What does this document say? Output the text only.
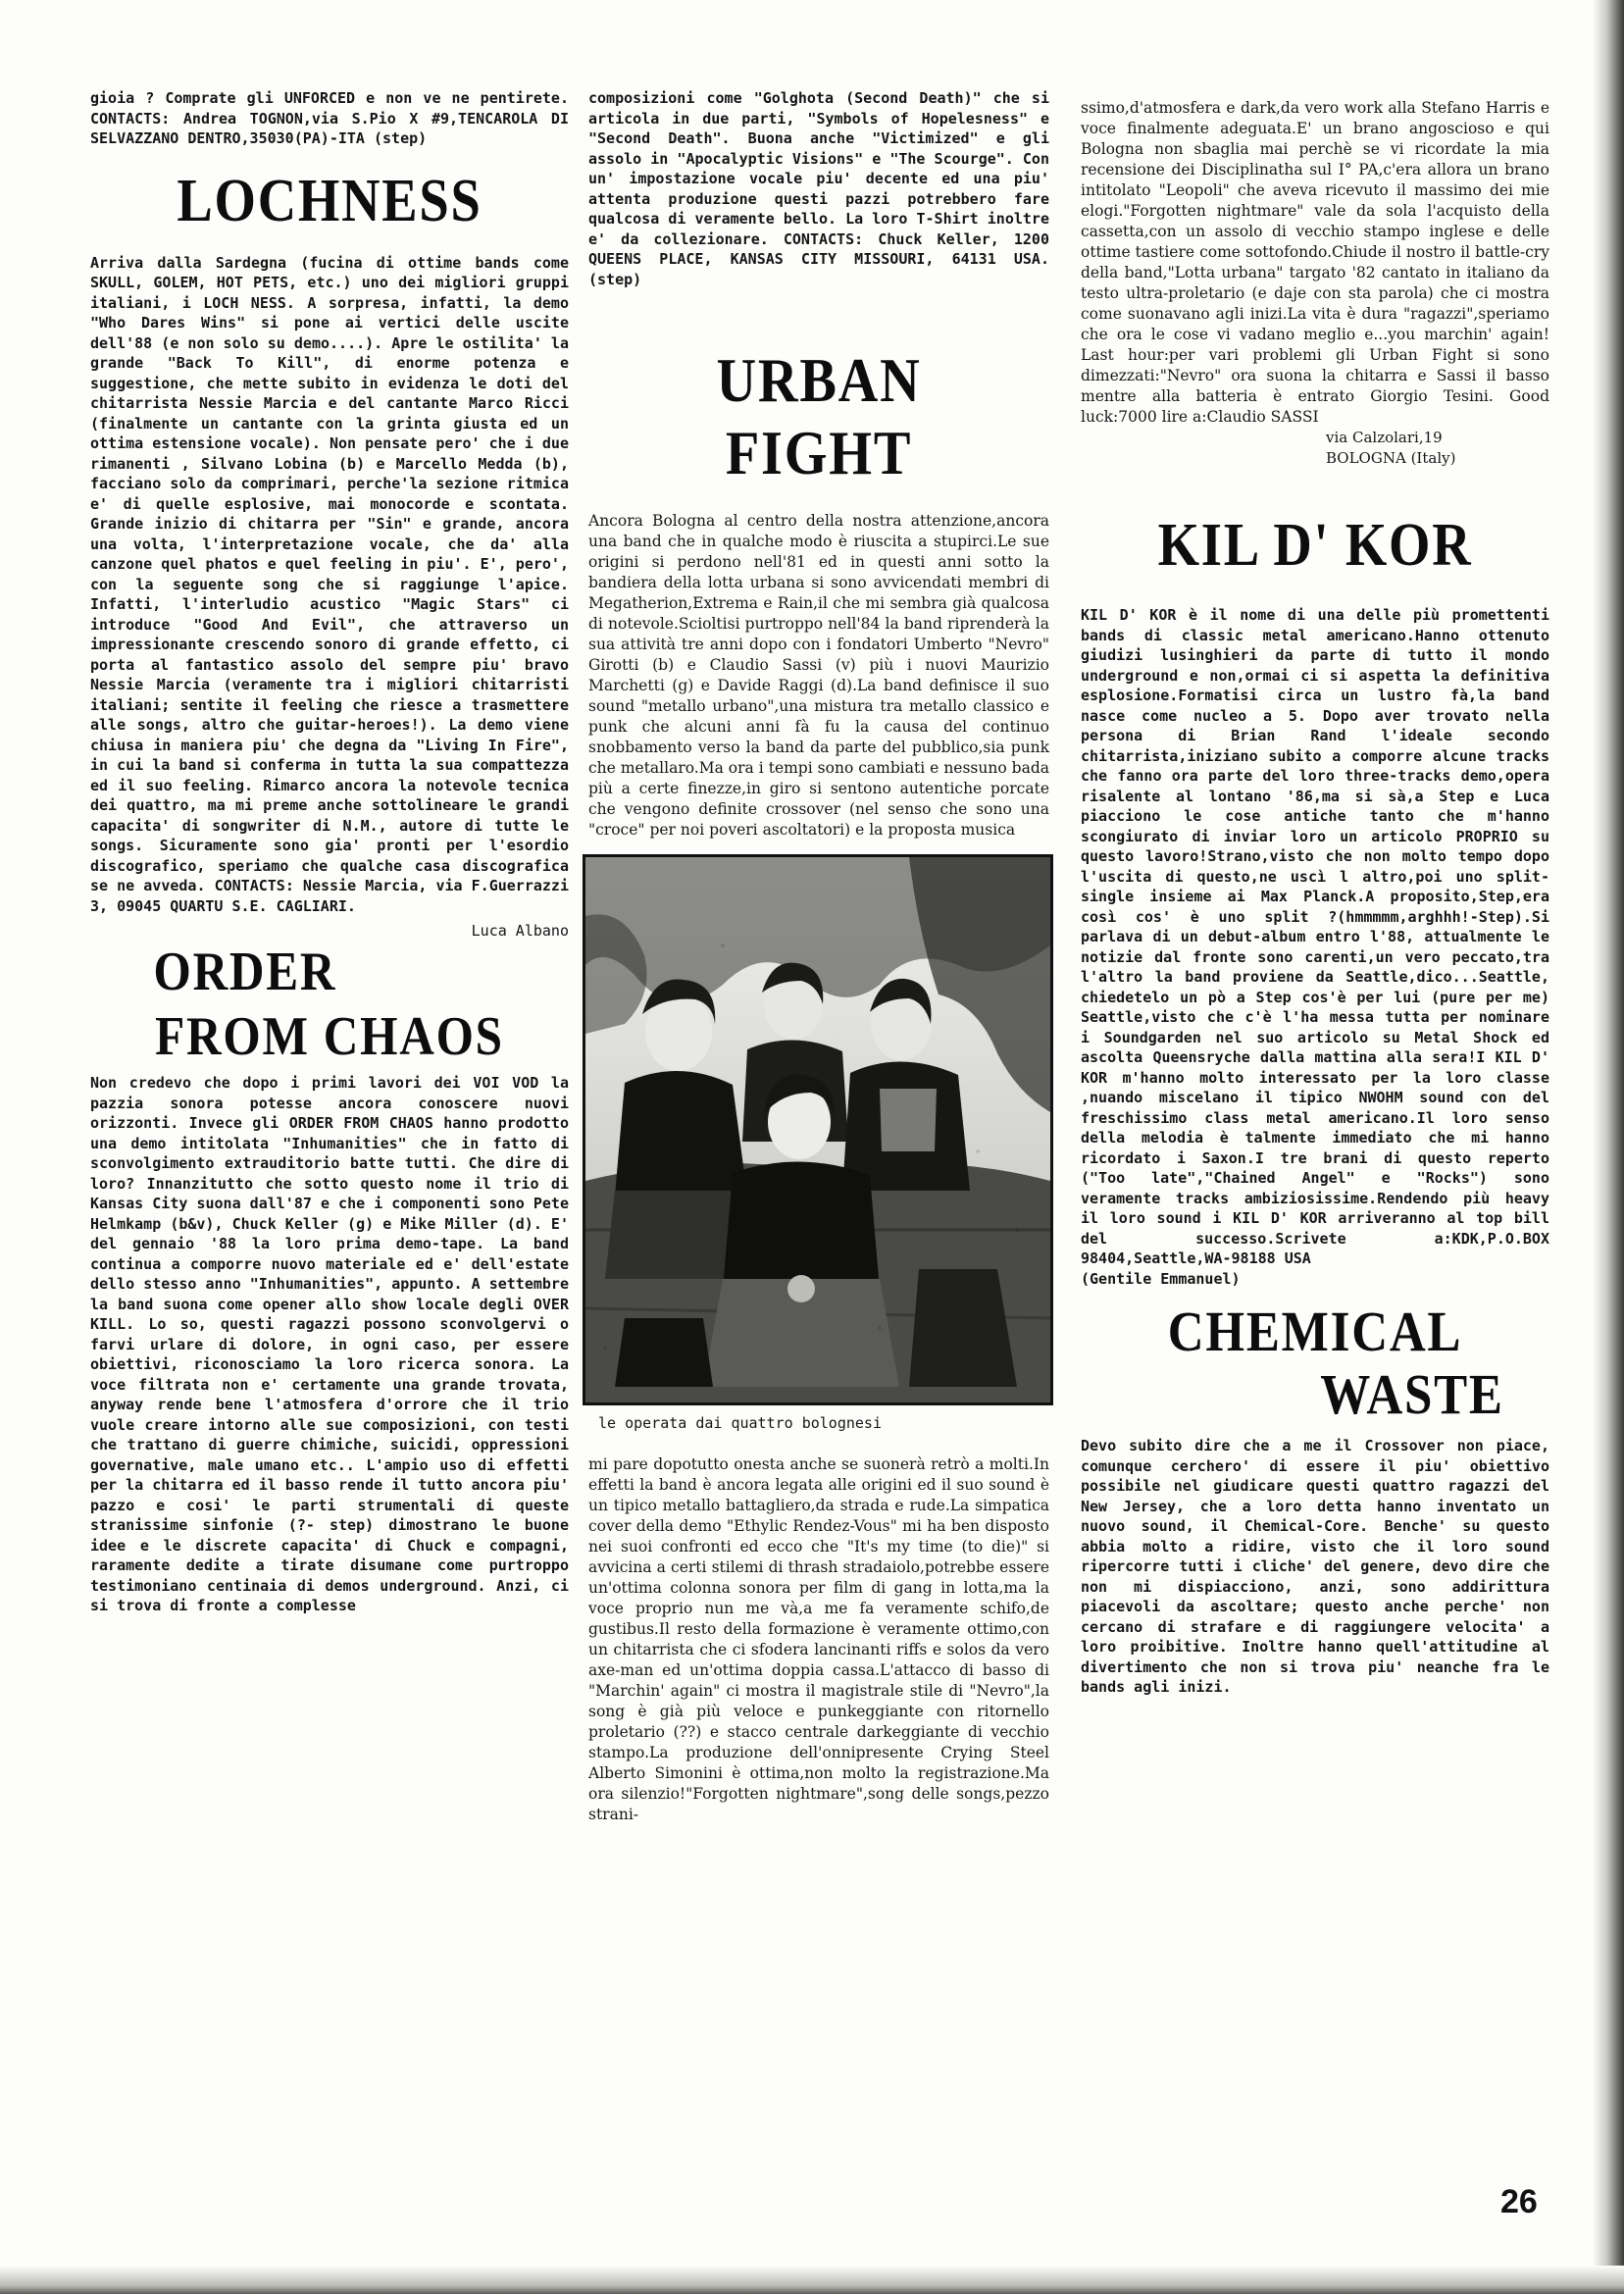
gioia ? Comprate gli UNFORCED e non ve ne pentirete. CONTACTS: Andrea TOGNON,via S.Pio X #9,TENCAROLA DI SELVAZZANO DENTRO,35030(PA)-ITA (step)

LOCHNESS

Arriva dalla Sardegna (fucina di ottime bands come SKULL, GOLEM, HOT PETS, etc.) uno dei migliori gruppi italiani, i LOCH NESS. A sorpresa, infatti, la demo "Who Dares Wins" si pone ai vertici delle uscite dell'88 (e non solo su demo....). Apre le ostilita' la grande "Back To Kill", di enorme potenza e suggestione, che mette subito in evidenza le doti del chitarrista Nessie Marcia e del cantante Marco Ricci (finalmente un cantante con la grinta giusta ed un ottima estensione vocale). Non pensate pero' che i due rimanenti , Silvano Lobina (b) e Marcello Medda (b), facciano solo da comprimari, perche'la sezione ritmica e' di quelle esplosive, mai monocorde e scontata. Grande inizio di chitarra per "Sin" e grande, ancora una volta, l'interpretazione vocale, che da' alla canzone quel phatos e quel feeling in piu'. E', pero', con la seguente song che si raggiunge l'apice. Infatti, l'interludio acustico "Magic Stars" ci introduce "Good And Evil", che attraverso un impressionante crescendo sonoro di grande effetto, ci porta al fantastico assolo del sempre piu' bravo Nessie Marcia (veramente tra i migliori chitarristi italiani; sentite il feeling che riesce a trasmettere alle songs, altro che guitar-heroes!). La demo viene chiusa in maniera piu' che degna da "Living In Fire", in cui la band si conferma in tutta la sua compattezza ed il suo feeling. Rimarco ancora la notevole tecnica dei quattro, ma mi preme anche sottolineare le grandi capacita' di songwriter di N.M., autore di tutte le songs. Sicuramente sono gia' pronti per l'esordio discografico, speriamo che qualche casa discografica se ne avveda. CONTACTS: Nessie Marcia, via F.Guerrazzi 3, 09045 QUARTU S.E. CAGLIARI.

Luca Albano
ORDER
FROM CHAOS

Non credevo che dopo i primi lavori dei VOI VOD la pazzia sonora potesse ancora conoscere nuovi orizzonti. Invece gli ORDER FROM CHAOS hanno prodotto una demo intitolata "Inhumanities" che in fatto di sconvolgimento extrauditorio batte tutti. Che dire di loro? Innanzitutto che sotto questo nome il trio di Kansas City suona dall'87 e che i componenti sono Pete Helmkamp (b&v), Chuck Keller (g) e Mike Miller (d). E' del gennaio '88 la loro prima demo-tape. La band continua a comporre nuovo materiale ed e' dell'estate dello stesso anno "Inhumanities", appunto. A settembre la band suona come opener allo show locale degli OVER KILL. Lo so, questi ragazzi possono sconvolgervi o farvi urlare di dolore, in ogni caso, per essere obiettivi, riconosciamo la loro ricerca sonora. La voce filtrata non e' certamente una grande trovata, anyway rende bene l'atmosfera d'orrore che il trio vuole creare intorno alle sue composizioni, con testi che trattano di guerre chimiche, suicidi, oppressioni governative, male umano etc.. L'ampio uso di effetti per la chitarra ed il basso rende il tutto ancora piu' pazzo e cosi' le parti strumentali di queste stranissime sinfonie (?- step) dimostrano le buone idee e le discrete capacita' di Chuck e compagni, raramente dedite a tirate disumane come purtroppo testimoniano centinaia di demos underground. Anzi, ci si trova di fronte a complesse

composizioni come "Golghota (Second Death)" che si articola in due parti, "Symbols of Hopelesness" e "Second Death". Buona anche "Victimized" e gli assolo in "Apocalyptic Visions" e "The Scourge". Con un' impostazione vocale piu' decente ed una piu' attenta produzione questi pazzi potrebbero fare qualcosa di veramente bello. La loro T-Shirt inoltre e' da collezionare. CONTACTS: Chuck Keller, 1200 QUEENS PLACE, KANSAS CITY MISSOURI, 64131 USA. (step)

URBAN FIGHT

Ancora Bologna al centro della nostra attenzione,ancora una band che in qualche modo è riuscita a stupirci.Le sue origini si perdono nell'81 ed in questi anni sotto la bandiera della lotta urbana si sono avvicendati membri di Megatherion,Extrema e Rain,il che mi sembra già qualcosa di notevole.Scioltisi purtroppo nell'84 la band riprenderà la sua attività tre anni dopo con i fondatori Umberto "Nevro" Girotti (b) e Claudio Sassi (v) più i nuovi Maurizio Marchetti (g) e Davide Raggi (d).La band definisce il suo sound "metallo urbano",una mistura tra metallo classico e punk che alcuni anni fà fu la causa del continuo snobbamento verso la band da parte del pubblico,sia punk che metallaro.Ma ora i tempi sono cambiati e nessuno bada più a certe finezze,in giro si sentono autentiche porcate che vengono definite crossover (nel senso che sono una "croce" per noi poveri ascoltatori) e la proposta musica

le operata dai quattro bolognesi

mi pare dopotutto onesta anche se suonerà retrò a molti.In effetti la band è ancora legata alle origini ed il suo sound è un tipico metallo battagliero,da strada e rude.La simpatica cover della demo "Ethylic Rendez-Vous" mi ha ben disposto nei suoi confronti ed ecco che "It's my time (to die)" si avvicina a certi stilemi di thrash stradaiolo,potrebbe essere un'ottima colonna sonora per film di gang in lotta,ma la voce proprio nun me và,a me fa veramente schifo,de gustibus.Il resto della formazione è veramente ottimo,con un chitarrista che ci sfodera lancinanti riffs e solos da vero axe-man ed un'ottima doppia cassa.L'attacco di basso di "Marchin' again" ci mostra il magistrale stile di "Nevro",la song è già più veloce e punkeggiante con ritornello proletario (??) e stacco centrale darkeggiante di vecchio stampo.La produzione dell'onnipresente Crying Steel Alberto Simonini è ottima,non molto la registrazione.Ma ora silenzio!"Forgotten nightmare",song delle songs,pezzo strani-

ssimo,d'atmosfera e dark,da vero work alla Stefano Harris e voce finalmente adeguata.E' un brano angoscioso e qui Bologna non sbaglia mai perchè se vi ricordate la mia recensione dei Disciplinatha sul I° PA,c'era allora un brano intitolato "Leopoli" che aveva ricevuto il massimo dei mie elogi."Forgotten nightmare" vale da sola l'acquisto della cassetta,con un assolo di vecchio stampo inglese e delle ottime tastiere come sottofondo.Chiude il nostro il battle-cry della band,"Lotta urbana" targato '82 cantato in italiano da testo ultra-proletario (e daje con sta parola) che ci mostra come suonavano agli inizi.La vita è dura "ragazzi",speriamo che ora le cose vi vadano meglio e...you marchin' again! Last hour:per vari problemi gli Urban Fight si sono dimezzati:"Nevro" ora suona la chitarra e Sassi il basso mentre alla batteria è entrato Giorgio Tesini. Good luck:7000 lire a:Claudio SASSI

via Calzolari,19

BOLOGNA (Italy)

KIL D' KOR

KIL D' KOR è il nome di una delle più promettenti bands di classic metal americano.Hanno ottenuto giudizi lusinghieri da parte di tutto il mondo underground e non,ormai ci si aspetta la definitiva esplosione.Formatisi circa un lustro fà,la band nasce come nucleo a 5. Dopo aver trovato nella persona di Brian Rand l'ideale secondo chitarrista,iniziano subito a comporre alcune tracks che fanno ora parte del loro three-tracks demo,opera risalente al lontano '86,ma si sà,a Step e Luca piacciono le cose antiche tanto che m'hanno scongiurato di inviar loro un articolo PROPRIO su questo lavoro!Strano,visto che non molto tempo dopo l'uscita di questo,ne uscì l altro,poi uno split-single insieme ai Max Planck.A proposito,Step,era così cos' è uno split ?(hmmmmm,arghhh!-Step).Si parlava di un debut-album entro l'88, attualmente le notizie dal fronte sono carenti,un vero peccato,tra l'altro la band proviene da Seattle,dico...Seattle, chiedetelo un pò a Step cos'è per lui (pure per me) Seattle,visto che c'è l'ha messa tutta per nominare i Soundgarden nel suo articolo su Metal Shock ed ascolta Queensryche dalla mattina alla sera!I KIL D' KOR m'hanno molto interessato per la loro classe ,nuando miscelano il tipico NWOHM sound con del freschissimo class metal americano.Il loro senso della melodia è talmente immediato che mi hanno ricordato i Saxon.I tre brani di questo reperto ("Too late","Chained Angel" e "Rocks") sono veramente tracks ambiziosissime.Rendendo più heavy il loro sound i KIL D' KOR arriveranno al top bill del successo.Scrivete a:KDK,P.O.BOX 98404,Seattle,WA-98188 USA

(Gentile Emmanuel)

CHEMICAL
WASTE

Devo subito dire che a me il Crossover non piace, comunque cerchero' di essere il piu' obiettivo possibile nel giudicare questi quattro ragazzi del New Jersey, che a loro detta hanno inventato un nuovo sound, il Chemical-Core. Benche' su questo abbia molto a ridire, visto che il loro sound ripercorre tutti i cliche' del genere, devo dire che non mi dispiacciono, anzi, sono addirittura piacevoli da ascoltare; questo anche perche' non cercano di strafare e di raggiungere velocita' a loro proibitive. Inoltre hanno quell'attitudine al divertimento che non si trova piu' neanche fra le bands agli inizi.

26
